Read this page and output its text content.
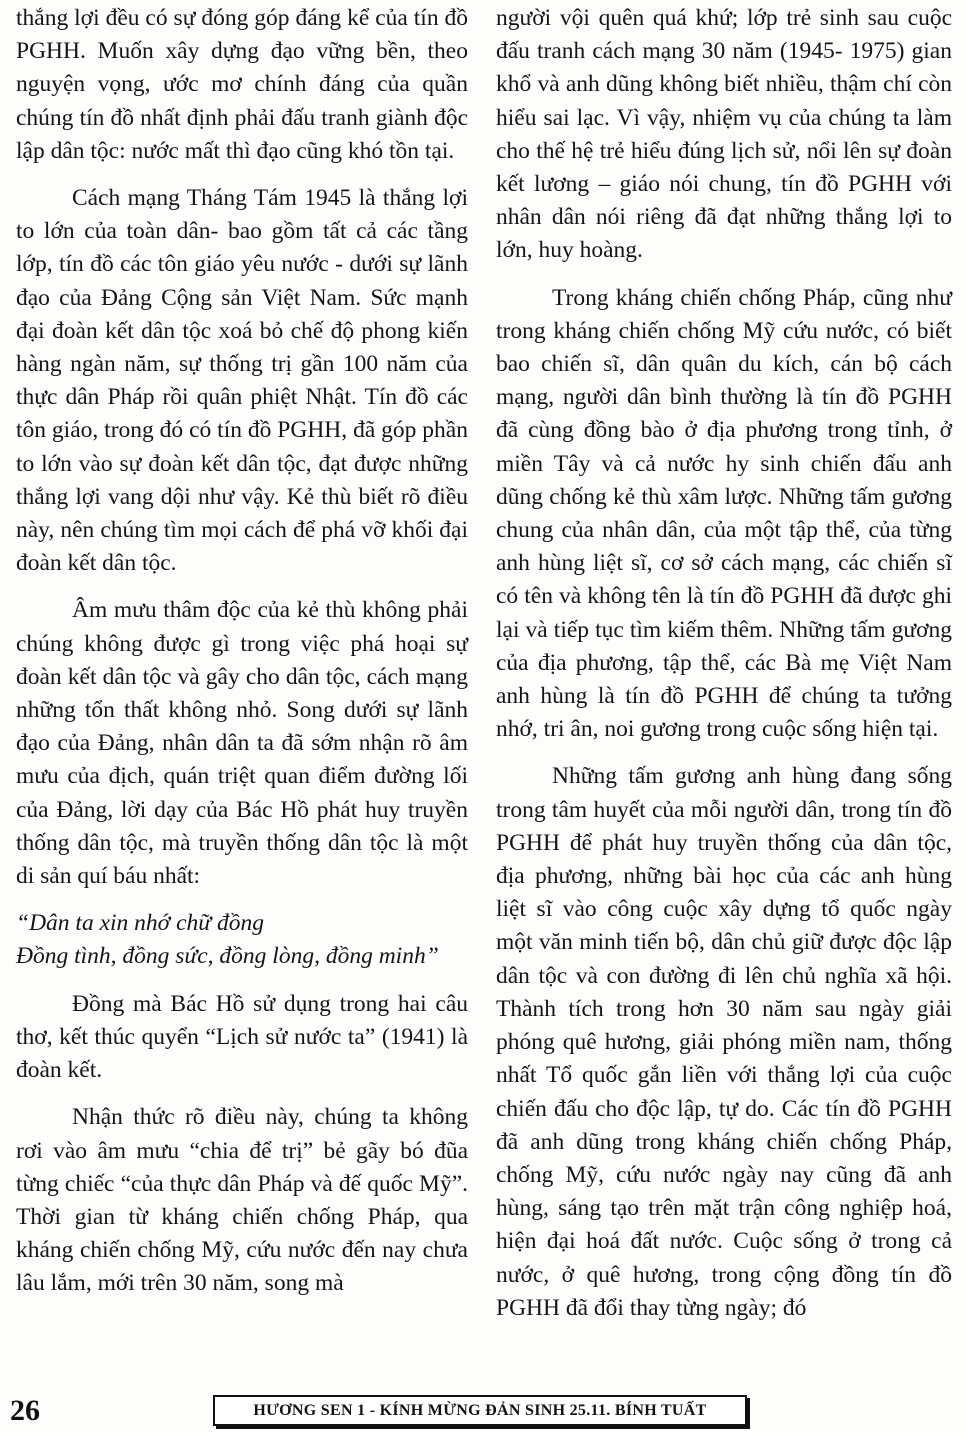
thắng lợi đều có sự đóng góp đáng kể của tín đồ PGHH. Muốn xây dựng đạo vững bền, theo nguyện vọng, ước mơ chính đáng của quần chúng tín đồ nhất định phải đấu tranh giành độc lập dân tộc: nước mất thì đạo cũng khó tồn tại.

Cách mạng Tháng Tám 1945 là thắng lợi to lớn của toàn dân- bao gồm tất cả các tầng lớp, tín đồ các tôn giáo yêu nước - dưới sự lãnh đạo của Đảng Cộng sản Việt Nam. Sức mạnh đại đoàn kết dân tộc xoá bỏ chế độ phong kiến hàng ngàn năm, sự thống trị gần 100 năm của thực dân Pháp rồi quân phiệt Nhật. Tín đồ các tôn giáo, trong đó có tín đồ PGHH, đã góp phần to lớn vào sự đoàn kết dân tộc, đạt được những thắng lợi vang dội như vậy. Kẻ thù biết rõ điều này, nên chúng tìm mọi cách để phá vỡ khối đại đoàn kết dân tộc.

Âm mưu thâm độc của kẻ thù không phải chúng không được gì trong việc phá hoại sự đoàn kết dân tộc và gây cho dân tộc, cách mạng những tổn thất không nhỏ. Song dưới sự lãnh đạo của Đảng, nhân dân ta đã sớm nhận rõ âm mưu của địch, quán triệt quan điểm đường lối của Đảng, lời dạy của Bác Hồ phát huy truyền thống dân tộc, mà truyền thống dân tộc là một di sản quí báu nhất:

“Dân ta xin nhớ chữ đồng

Đồng tình, đồng sức, đồng lòng, đồng minh”

Đồng mà Bác Hồ sử dụng trong hai câu thơ, kết thúc quyển “Lịch sử nước ta” (1941) là đoàn kết.

Nhận thức rõ điều này, chúng ta không rơi vào âm mưu “chia để trị” bẻ gãy bó đũa từng chiếc “của thực dân Pháp và đế quốc Mỹ”. Thời gian từ kháng chiến chống Pháp, qua kháng chiến chống Mỹ, cứu nước đến nay chưa lâu lắm, mới trên 30 năm, song mà

người vội quên quá khứ; lớp trẻ sinh sau cuộc đấu tranh cách mạng 30 năm (1945- 1975) gian khổ và anh dũng không biết nhiều, thậm chí còn hiểu sai lạc. Vì vậy, nhiệm vụ của chúng ta làm cho thế hệ trẻ hiểu đúng lịch sử, nổi lên sự đoàn kết lương – giáo nói chung, tín đồ PGHH với nhân dân nói riêng đã đạt những thắng lợi to lớn, huy hoàng.

Trong kháng chiến chống Pháp, cũng như trong kháng chiến chống Mỹ cứu nước, có biết bao chiến sĩ, dân quân du kích, cán bộ cách mạng, người dân bình thường là tín đồ PGHH đã cùng đồng bào ở địa phương trong tỉnh, ở miền Tây và cả nước hy sinh chiến đấu anh dũng chống kẻ thù xâm lược. Những tấm gương chung của nhân dân, của một tập thể, của từng anh hùng liệt sĩ, cơ sở cách mạng, các chiến sĩ có tên và không tên là tín đồ PGHH đã được ghi lại và tiếp tục tìm kiếm thêm. Những tấm gương của địa phương, tập thể, các Bà mẹ Việt Nam anh hùng là tín đồ PGHH để chúng ta tưởng nhớ, tri ân, noi gương trong cuộc sống hiện tại.

Những tấm gương anh hùng đang sống trong tâm huyết của mỗi người dân, trong tín đồ PGHH để phát huy truyền thống của dân tộc, địa phương, những bài học của các anh hùng liệt sĩ vào công cuộc xây dựng tổ quốc ngày một văn minh tiến bộ, dân chủ giữ được độc lập dân tộc và con đường đi lên chủ nghĩa xã hội. Thành tích trong hơn 30 năm sau ngày giải phóng quê hương, giải phóng miền nam, thống nhất Tổ quốc gắn liền với thắng lợi của cuộc chiến đấu cho độc lập, tự do. Các tín đồ PGHH đã anh dũng trong kháng chiến chống Pháp, chống Mỹ, cứu nước ngày nay cũng đã anh hùng, sáng tạo trên mặt trận công nghiệp hoá, hiện đại hoá đất nước. Cuộc sống ở trong cả nước, ở quê hương, trong cộng đồng tín đồ PGHH đã đổi thay từng ngày; đó

26	HƯƠNG SEN 1 - KÍNH MỪNG ĐẢN SINH 25.11. BÍNH TUẤT
